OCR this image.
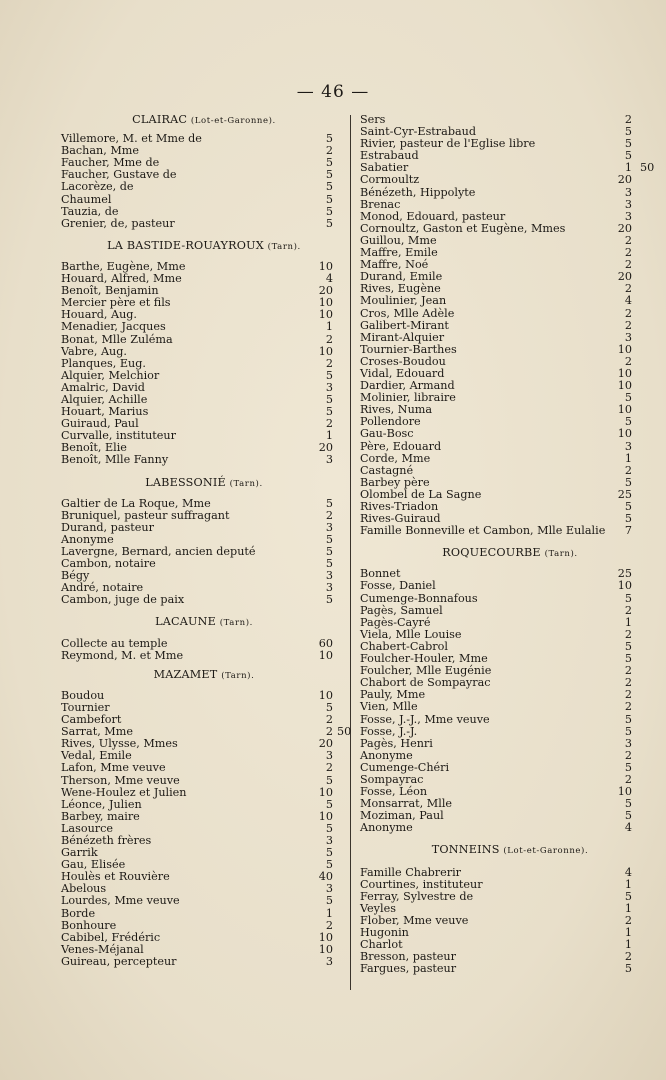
— 46 —
CLAIRAC (Lot-et-Garonne).
Villemore, M. et Mme de	5
Bachan, Mme	2
Faucher, Mme de	5
Faucher, Gustave de	5
Lacorèze, de	5
Chaumel	5
Tauzia, de	5
Grenier, de, pasteur	5
LA BASTIDE-ROUAYROUX (Tarn).
Barthe, Eugène, Mme	10
Houard, Alfred, Mme	4
Benoît, Benjamin	20
Mercier père et fils	10
Houard, Aug.	10
Menadier, Jacques	1
Bonat, Mlle Zuléma	2
Vabre, Aug.	10
Planques, Eug.	2
Alquier, Melchior	5
Amalric, David	3
Alquier, Achille	5
Houart, Marius	5
Guiraud, Paul	2
Curvalle, instituteur	1
Benoît, Elie	20
Benoît, Mlle Fanny	3
LABESSONIÉ (Tarn).
Galtier de La Roque, Mme	5
Bruniquel, pasteur suffragant	2
Durand, pasteur	3
Anonyme	5
Lavergne, Bernard, ancien deputé	5
Cambon, notaire	5
Bégy	3
André, notaire	3
Cambon, juge de paix	5
LACAUNE (Tarn).
Collecte au temple	60
Reymond, M. et Mme	10
MAZAMET (Tarn).
Boudou	10
Tournier	5
Cambefort	2
Sarrat, Mme	2 50
Rives, Ulysse, Mmes	20
Vedal, Emile	3
Lafon, Mme veuve	2
Therson, Mme veuve	5
Wene-Houlez et Julien	10
Léonce, Julien	5
Barbey, maire	10
Lasource	5
Bénézeth frères	3
Garrik	5
Gau, Elisée	5
Houlès et Rouvière	40
Abelous	3
Lourdes, Mme veuve	5
Borde	1
Bonhoure	2
Cabibel, Frédéric	10
Venes-Méjanal	10
Guireau, percepteur	3
Sers	2
Saint-Cyr-Estrabaud	5
Rivier, pasteur de l'Eglise libre	5
Estrabaud	5
Sabatier	1 50
Cormoultz	20
Bénézeth, Hippolyte	3
Brenac	3
Monod, Edouard, pasteur	3
Cornoultz, Gaston et Eugène, Mmes	20
Guillou, Mme	2
Maffre, Emile	2
Maffre, Noé	2
Durand, Emile	20
Rives, Eugène	2
Moulinier, Jean	4
Cros, Mlle Adèle	2
Galibert-Mirant	2
Mirant-Alquier	3
Tournier-Barthes	10
Croses-Boudou	2
Vidal, Edouard	10
Dardier, Armand	10
Molinier, libraire	5
Rives, Numa	10
Pollendore	5
Gau-Bosc	10
Père, Edouard	3
Corde, Mme	1
Castagné	2
Barbey père	5
Olombel de La Sagne	25
Rives-Triadon	5
Rives-Guiraud	5
Famille Bonneville et Cambon, Mlle Eulalie	7
ROQUECOURBE (Tarn).
Bonnet	25
Fosse, Daniel	10
Cumenge-Bonnafous	5
Pagès, Samuel	2
Pagès-Cayré	1
Viela, Mlle Louise	2
Chabert-Cabrol	5
Foulcher-Houler, Mme	5
Foulcher, Mlle Eugénie	2
Chabort de Sompayrac	2
Pauly, Mme	2
Vien, Mlle	2
Fosse, J.-J., Mme veuve	5
Fosse, J.-J.	5
Pagès, Henri	3
Anonyme	2
Cumenge-Chéri	5
Sompayrac	2
Fosse, Léon	10
Monsarrat, Mlle	5
Moziman, Paul	5
Anonyme	4
TONNEINS (Lot-et-Garonne).
Famille Chabrerir	4
Courtines, instituteur	1
Ferray, Sylvestre de	5
Veyles	1
Flober, Mme veuve	2
Hugonin	1
Charlot	1
Bresson, pasteur	2
Fargues, pasteur	5
